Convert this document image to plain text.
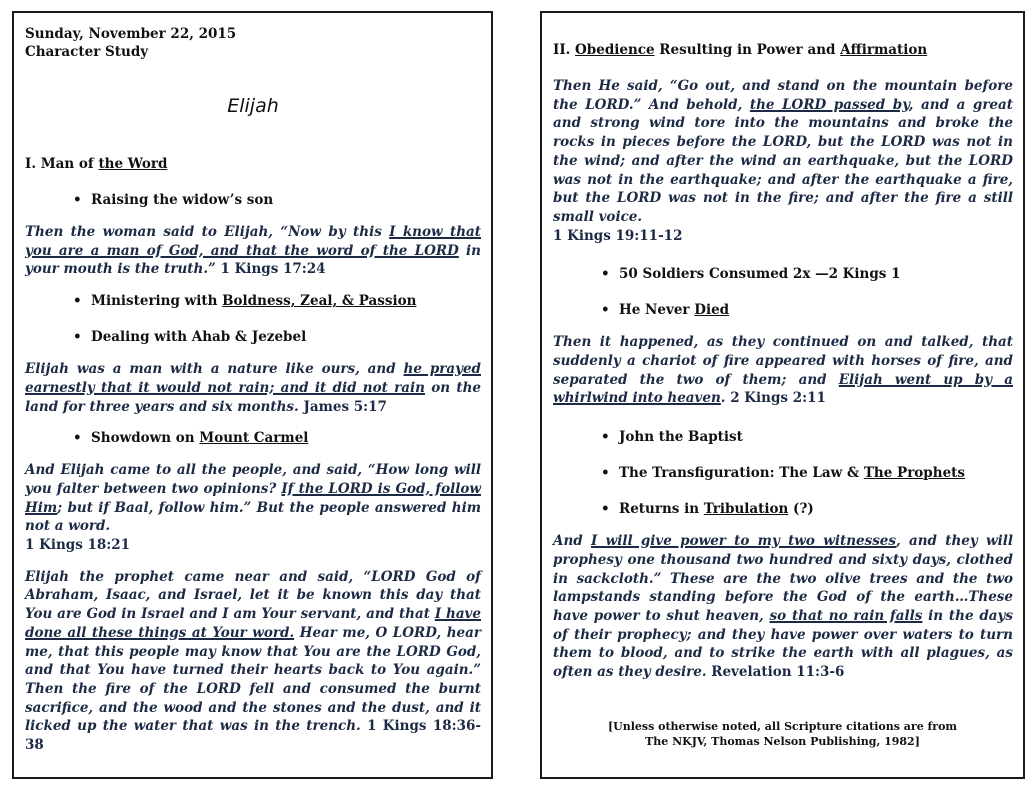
Sunday, November 22, 2015
Character Study
Elijah
I. Man of the Word
• Raising the widow’s son

Then the woman said to Elijah, “Now by this I know that you are a man of God, and that the word of the LORD in your mouth is the truth.” 1 Kings 17:24

• Ministering with Boldness, Zeal, & Passion
• Dealing with Ahab & Jezebel

Elijah was a man with a nature like ours, and he prayed earnestly that it would not rain; and it did not rain on the land for three years and six months. James 5:17

• Showdown on Mount Carmel

And Elijah came to all the people, and said, “How long will you falter between two opinions? If the LORD is God, follow Him; but if Baal, follow him.” But the people answered him not a word.
1 Kings 18:21

Elijah the prophet came near and said, “LORD God of Abraham, Isaac, and Israel, let it be known this day that You are God in Israel and I am Your servant, and that I have done all these things at Your word. Hear me, O LORD, hear me, that this people may know that You are the LORD God, and that You have turned their hearts back to You again.” Then the fire of the LORD fell and consumed the burnt sacrifice, and the wood and the stones and the dust, and it licked up the water that was in the trench. 1 Kings 18:36-38

II. Obedience Resulting in Power and Affirmation

Then He said, “Go out, and stand on the mountain before the LORD.” And behold, the LORD passed by, and a great and strong wind tore into the mountains and broke the rocks in pieces before the LORD, but the LORD was not in the wind; and after the wind an earthquake, but the LORD was not in the earthquake; and after the earthquake a fire, but the LORD was not in the fire; and after the fire a still small voice.
1 Kings 19:11-12

• 50 Soldiers Consumed 2x —2 Kings 1
• He Never Died

Then it happened, as they continued on and talked, that suddenly a chariot of fire appeared with horses of fire, and separated the two of them; and Elijah went up by a whirlwind into heaven. 2 Kings 2:11

• John the Baptist
• The Transfiguration: The Law & The Prophets
• Returns in Tribulation (?)

And I will give power to my two witnesses, and they will prophesy one thousand two hundred and sixty days, clothed in sackcloth.” These are the two olive trees and the two lampstands standing before the God of the earth…These have power to shut heaven, so that no rain falls in the days of their prophecy; and they have power over waters to turn them to blood, and to strike the earth with all plagues, as often as they desire. Revelation 11:3-6

[Unless otherwise noted, all Scripture citations are from
The NKJV, Thomas Nelson Publishing, 1982]
